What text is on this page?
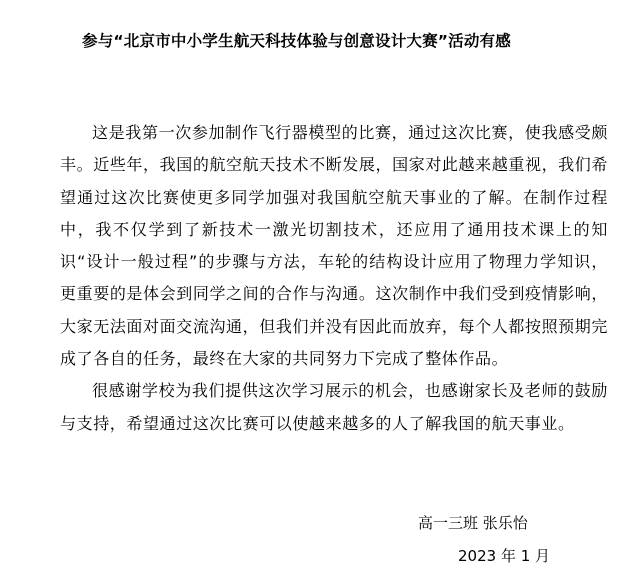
参与“北京市中小学生航天科技体验与创意设计大赛”活动有感

这是我第一次参加制作飞行器模型的比赛，通过这次比赛，使我感受颇丰。近些年，我国的航空航天技术不断发展，国家对此越来越重视，我们希望通过这次比赛使更多同学加强对我国航空航天事业的了解。在制作过程中，我不仅学到了新技术一激光切割技术，还应用了通用技术课上的知识“设计一般过程”的步骤与方法，车轮的结构设计应用了物理力学知识，更重要的是体会到同学之间的合作与沟通。这次制作中我们受到疫情影响，大家无法面对面交流沟通，但我们并没有因此而放弃，每个人都按照预期完成了各自的任务，最终在大家的共同努力下完成了整体作品。

很感谢学校为我们提供这次学习展示的机会，也感谢家长及老师的鼓励与支持，希望通过这次比赛可以使越来越多的人了解我国的航天事业。

高一三班 张乐怡
2023 年 1 月
